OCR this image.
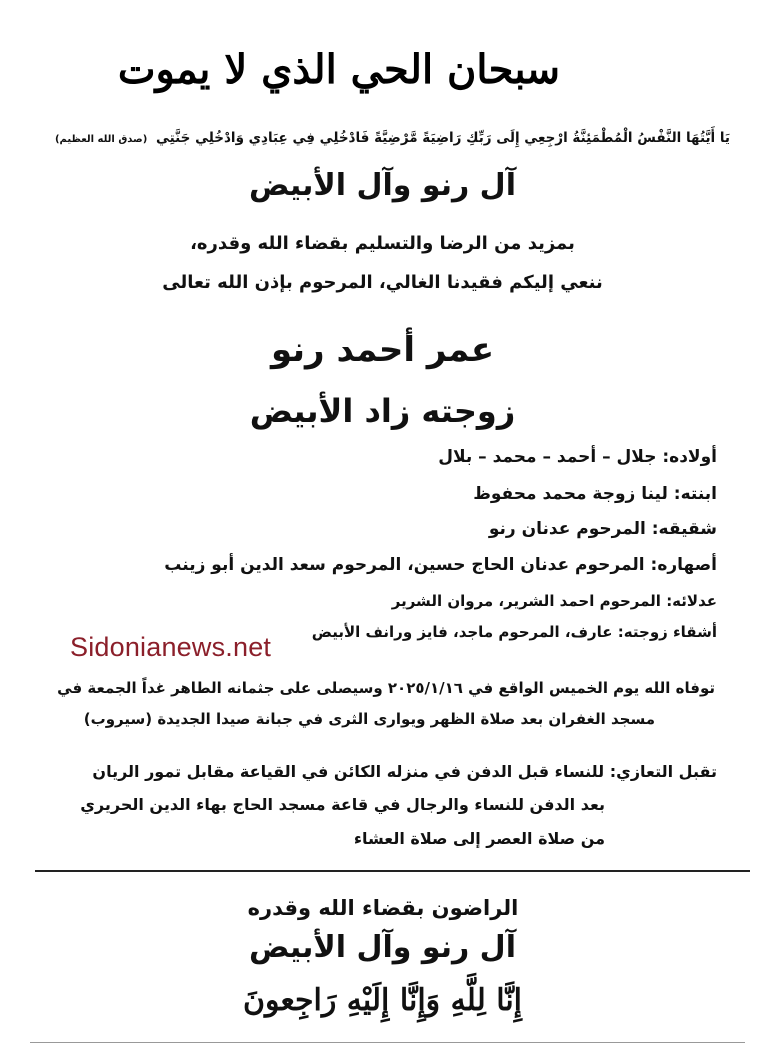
سبحان الحي الذي لا يموت
يَا أَيَّتُهَا النَّفْسُ الْمُطْمَئِنَّةُ ارْجِعِي إِلَى رَبِّكِ رَاضِيَةً مَّرْضِيَّةً فَادْخُلِي فِي عِبَادِي وَادْخُلِي جَنَّتِي (صدق الله العظيم)
آل رنو وآل الأبيض
بمزيد من الرضا والتسليم بقضاء الله وقدره،
ننعي إليكم فقيدنا الغالي، المرحوم بإذن الله تعالى
عمر أحمد رنو
زوجته زاد الأبيض
أولاده: جلال – أحمد – محمد – بلال
ابنته: لينا زوجة محمد محفوظ
شقيقه: المرحوم عدنان رنو
أصهاره: المرحوم عدنان الحاج حسين، المرحوم سعد الدين أبو زينب
عدلائه: المرحوم احمد الشرير، مروان الشرير
أشقاء زوجته: عارف، المرحوم ماجد، فايز ورانف الأبيض
Sidonianews.net
توفاه الله يوم الخميس الواقع في ٢٠٢٥/١/١٦ وسيصلى على جثمانه الطاهر غداً الجمعة في
مسجد الغفران بعد صلاة الظهر ويوارى الثرى في جبانة صيدا الجديدة (سيروب)
تقبل التعازي: للنساء قبل الدفن في منزله الكائن في القياعة مقابل تمور الريان
بعد الدفن للنساء والرجال في قاعة مسجد الحاج بهاء الدين الحريري
من صلاة العصر إلى صلاة العشاء
الراضون بقضاء الله وقدره
آل رنو وآل الأبيض
إِنَّا لِلَّهِ وَإِنَّا إِلَيْهِ رَاجِعونَ
